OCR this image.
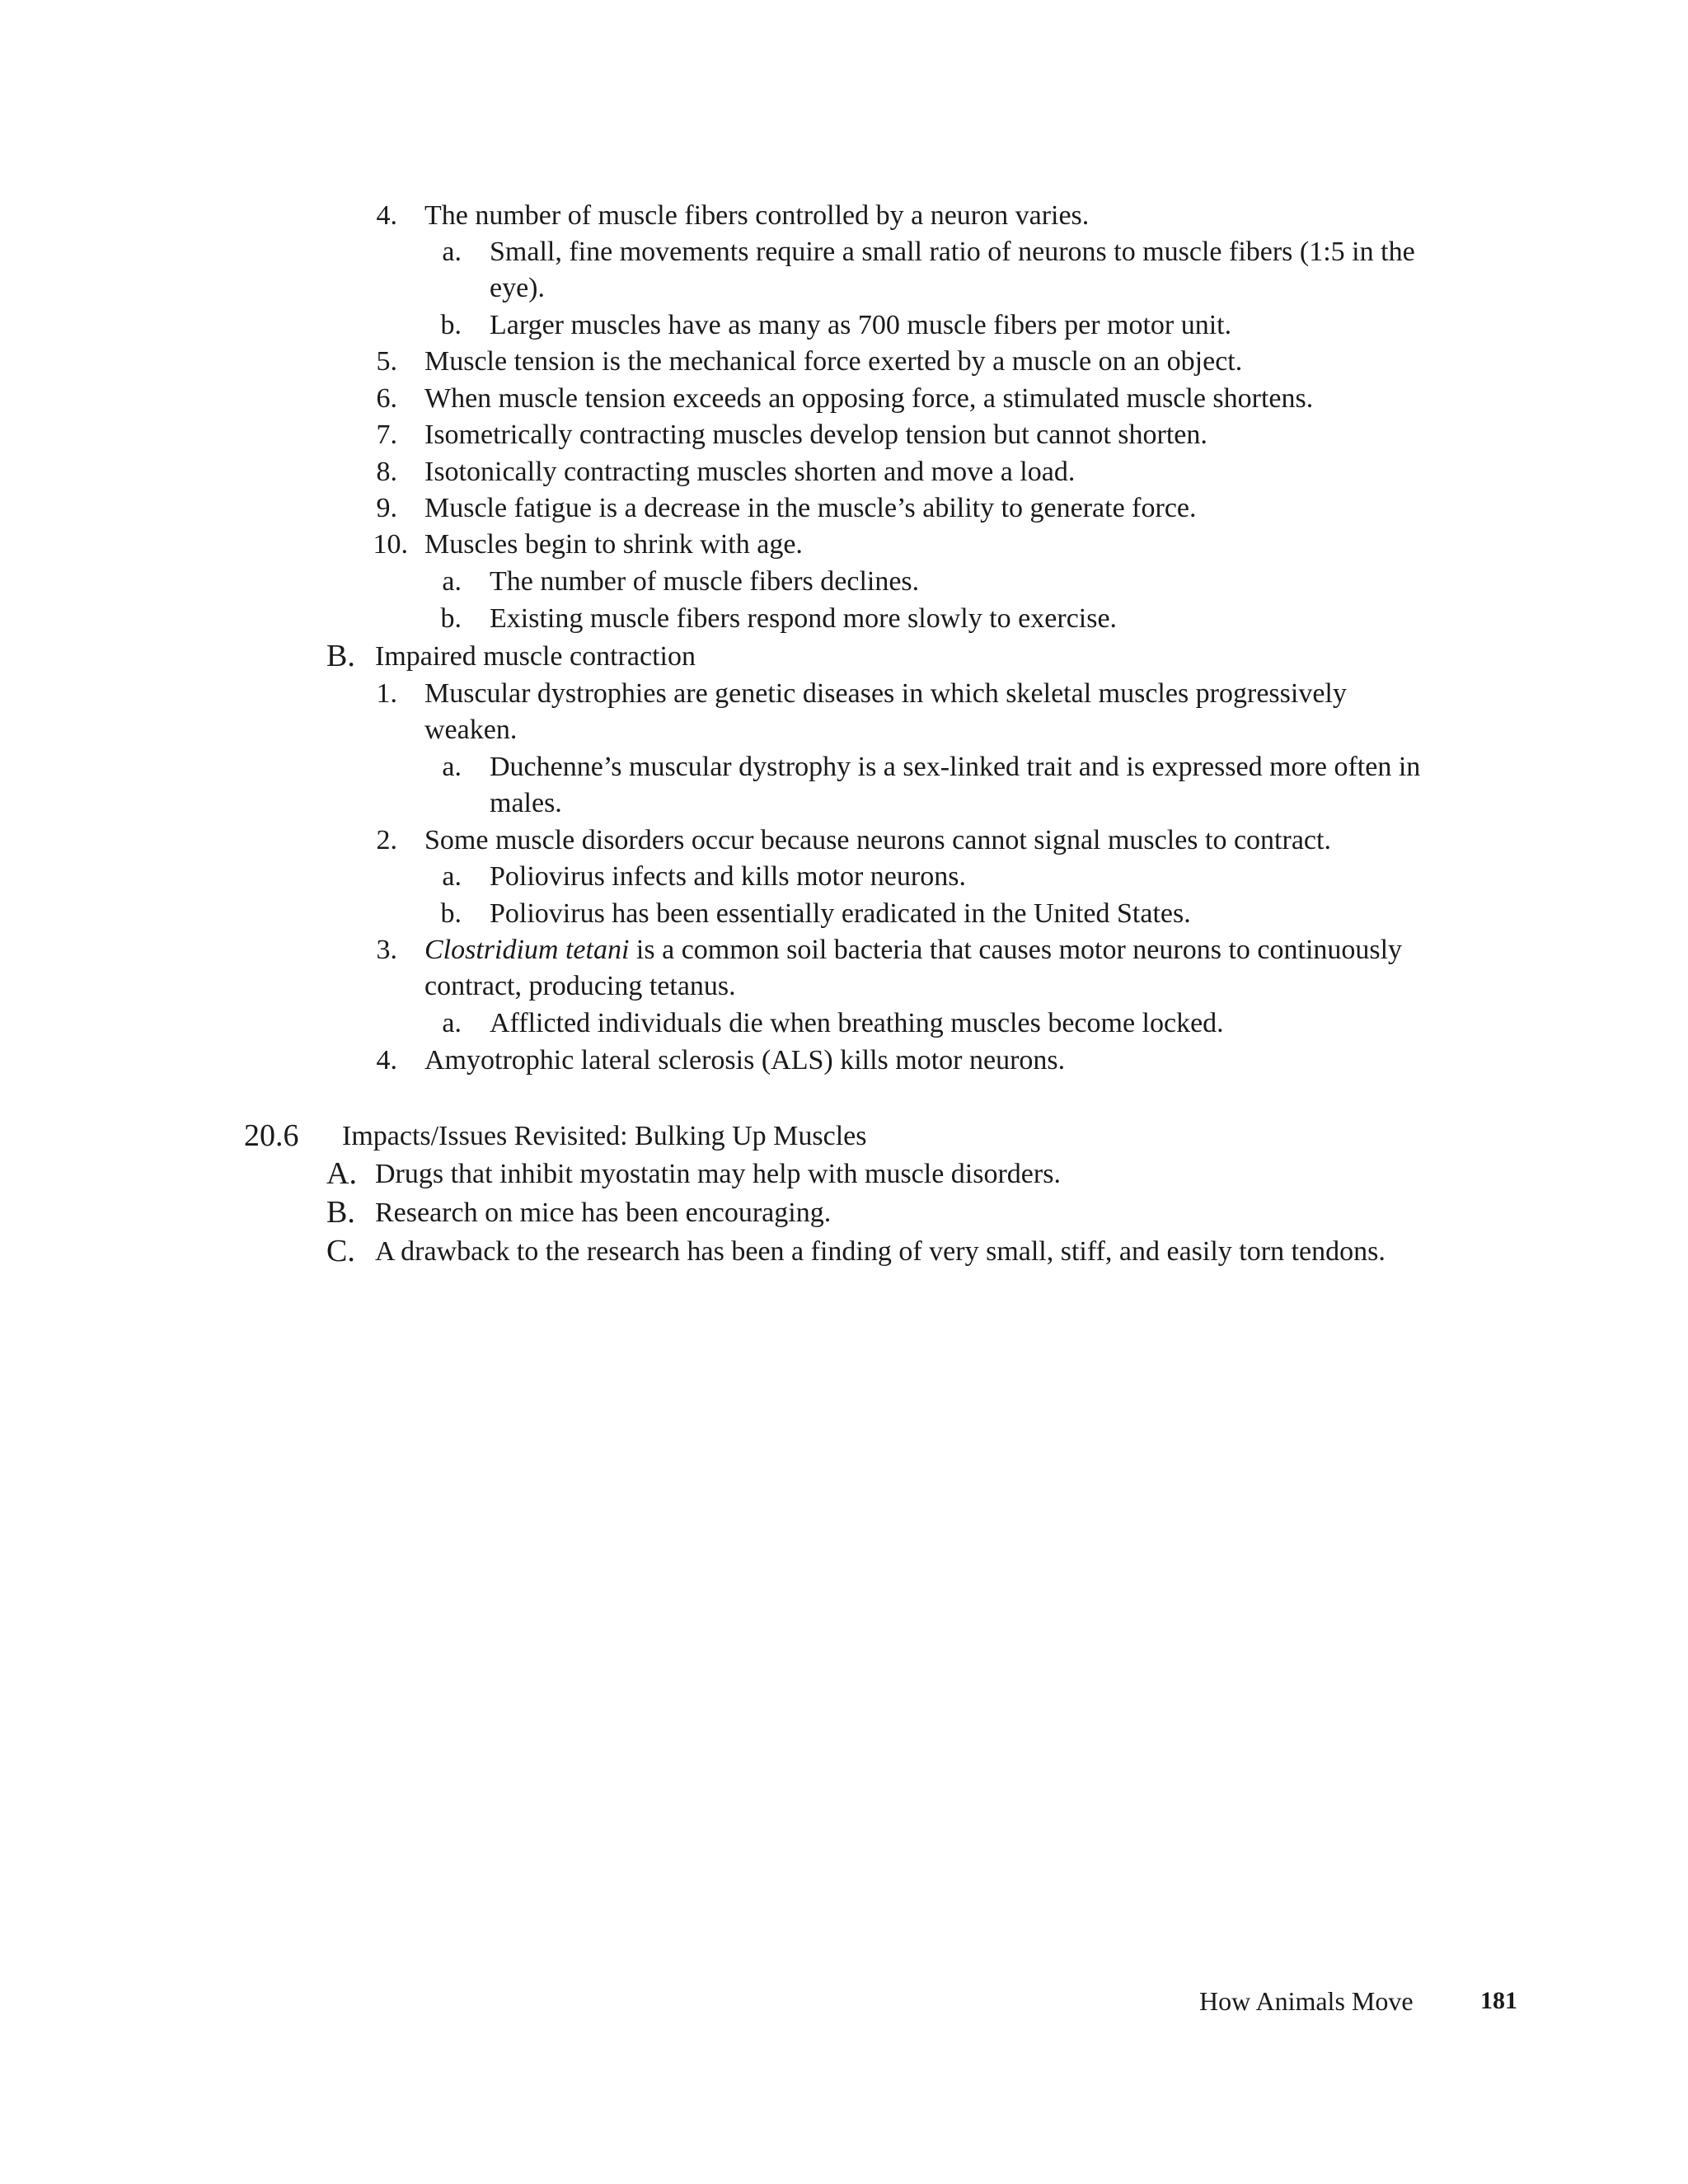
4. The number of muscle fibers controlled by a neuron varies.
a. Small, fine movements require a small ratio of neurons to muscle fibers (1:5 in the
eye).
b. Larger muscles have as many as 700 muscle fibers per motor unit.
5. Muscle tension is the mechanical force exerted by a muscle on an object.
6. When muscle tension exceeds an opposing force, a stimulated muscle shortens.
7. Isometrically contracting muscles develop tension but cannot shorten.
8. Isotonically contracting muscles shorten and move a load.
9. Muscle fatigue is a decrease in the muscle’s ability to generate force.
10. Muscles begin to shrink with age.
a. The number of muscle fibers declines.
b. Existing muscle fibers respond more slowly to exercise.
B. Impaired muscle contraction
1. Muscular dystrophies are genetic diseases in which skeletal muscles progressively
weaken.
a. Duchenne’s muscular dystrophy is a sex-linked trait and is expressed more often in
males.
2. Some muscle disorders occur because neurons cannot signal muscles to contract.
a. Poliovirus infects and kills motor neurons.
b. Poliovirus has been essentially eradicated in the United States.
3. Clostridium tetani is a common soil bacteria that causes motor neurons to continuously
contract, producing tetanus.
a. Afflicted individuals die when breathing muscles become locked.
4. Amyotrophic lateral sclerosis (ALS) kills motor neurons.
20.6 Impacts/Issues Revisited: Bulking Up Muscles
A. Drugs that inhibit myostatin may help with muscle disorders.
B. Research on mice has been encouraging.
C. A drawback to the research has been a finding of very small, stiff, and easily torn tendons.
How Animals Move	181
